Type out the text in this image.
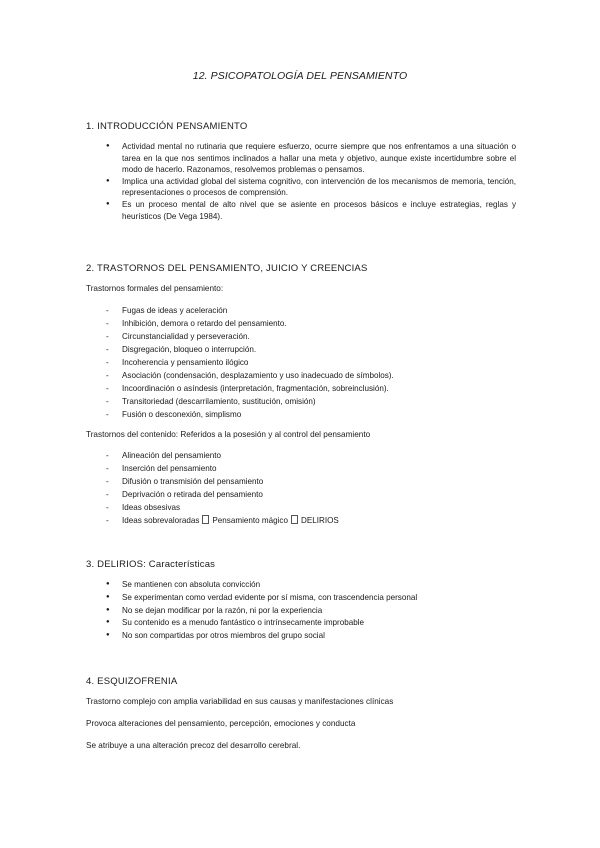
12. PSICOPATOLOGÍA DEL PENSAMIENTO
1. INTRODUCCIÓN PENSAMIENTO
● Actividad mental no rutinaria que requiere esfuerzo, ocurre siempre que nos enfrentamos a una situación o tarea en la que nos sentimos inclinados a hallar una meta y objetivo, aunque existe incertidumbre sobre el modo de hacerlo. Razonamos, resolvemos problemas o pensamos.
● Implica una actividad global del sistema cognitivo, con intervención de los mecanismos de memoria, tención, representaciones o procesos de comprensión.
● Es un proceso mental de alto nivel que se asiente en procesos básicos e incluye estrategias, reglas y heurísticos (De Vega 1984).
2. TRASTORNOS DEL PENSAMIENTO, JUICIO Y CREENCIAS
Trastornos formales del pensamiento:
- Fugas de ideas y aceleración
- Inhibición, demora o retardo del pensamiento.
- Circunstancialidad y perseveración.
- Disgregación, bloqueo o interrupción.
- Incoherencia y pensamiento ilógico
- Asociación (condensación, desplazamiento y uso inadecuado de símbolos).
- Incoordinación o asíndesis (interpretación, fragmentación, sobreinclusión).
- Transitoriedad (descarrilamiento, sustitución, omisión)
- Fusión o desconexión, simplismo
Trastornos del contenido: Referidos a la posesión y al control del pensamiento
- Alineación del pensamiento
- Inserción del pensamiento
- Difusión o transmisión del pensamiento
- Deprivación o retirada del pensamiento
- Ideas obsesivas
- Ideas sobrevaloradas Pensamiento mágico DELIRIOS
3. DELIRIOS: Características
● Se mantienen con absoluta convicción
● Se experimentan como verdad evidente por sí misma, con trascendencia personal
● No se dejan modificar por la razón, ni por la experiencia
● Su contenido es a menudo fantástico o intrínsecamente improbable
● No son compartidas por otros miembros del grupo social
4. ESQUIZOFRENIA
Trastorno complejo con amplia variabilidad en sus causas y manifestaciones clínicas
Provoca alteraciones del pensamiento, percepción, emociones y conducta
Se atribuye a una alteración precoz del desarrollo cerebral.
